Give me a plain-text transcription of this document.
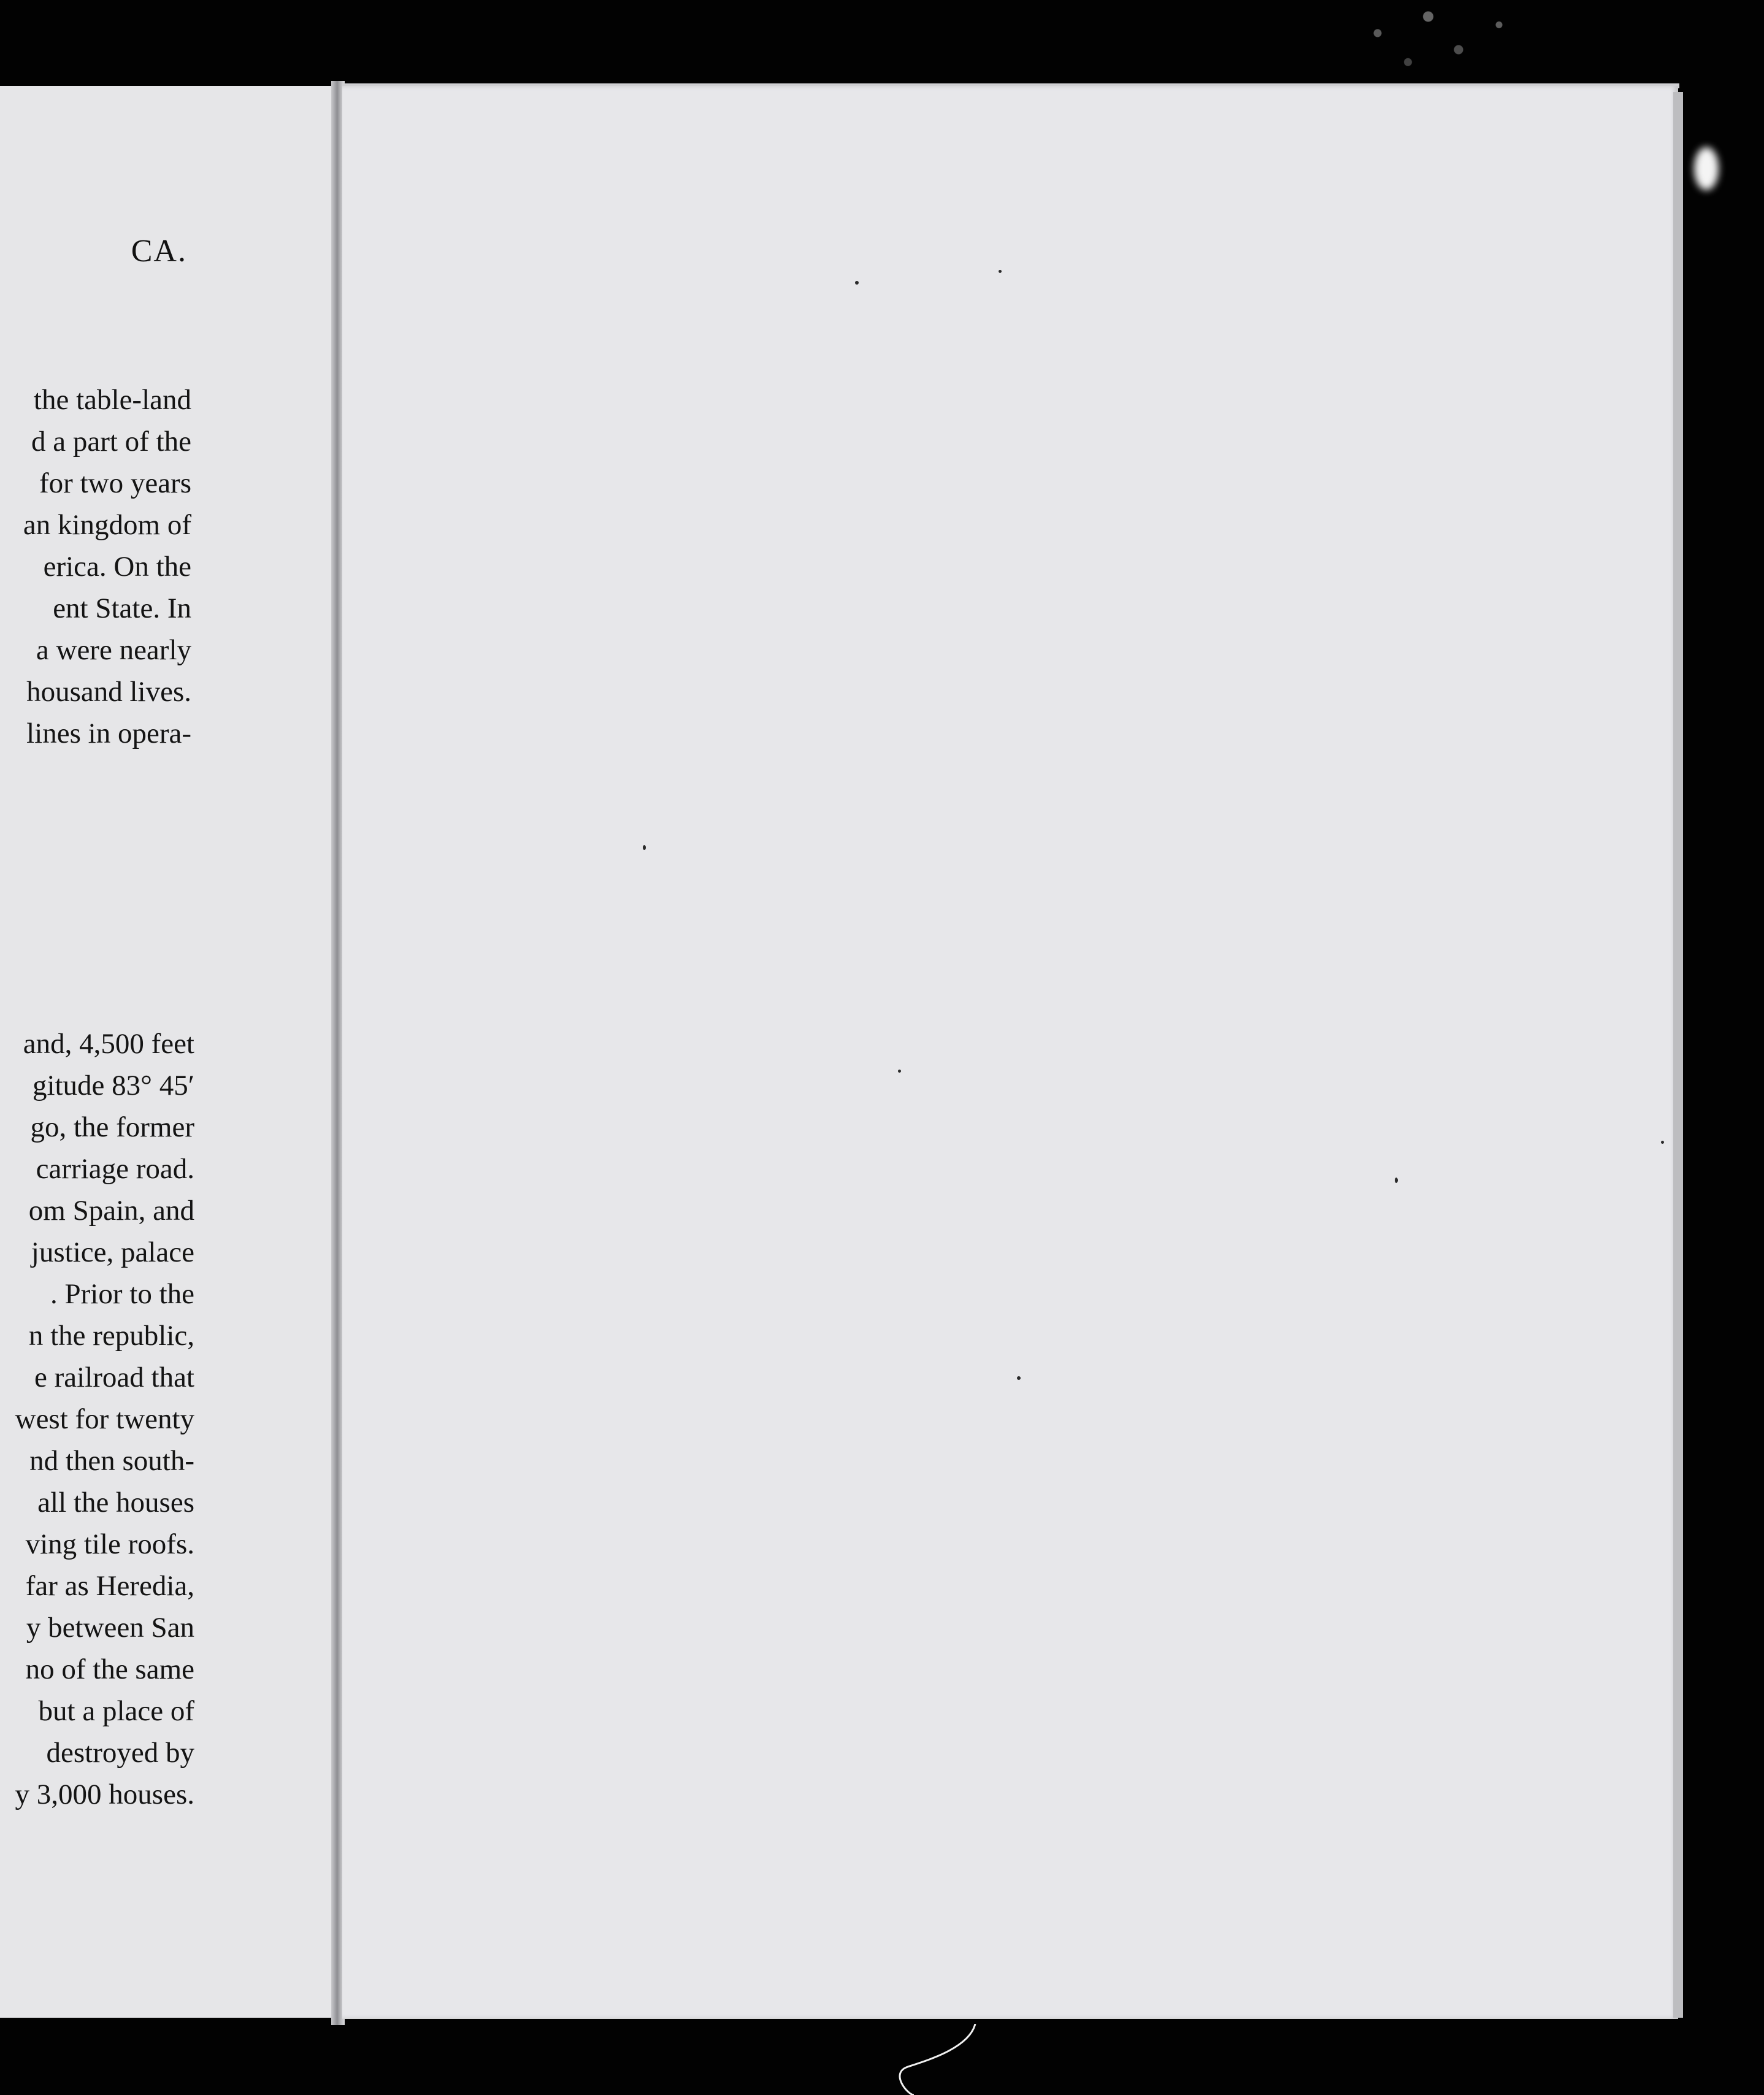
CA.
the table-land
d a part of the
for two years
an kingdom of
erica. On the
ent State. In
a were nearly
housand lives.
lines in opera-
and, 4,500 feet
gitude 83° 45′
go, the former
carriage road.
om Spain, and
justice, palace
. Prior to the
n the republic,
e railroad that
west for twenty
nd then south-
all the houses
ving tile roofs.
far as Heredia,
y between San
no of the same
but a place of
destroyed by
y 3,000 houses.
